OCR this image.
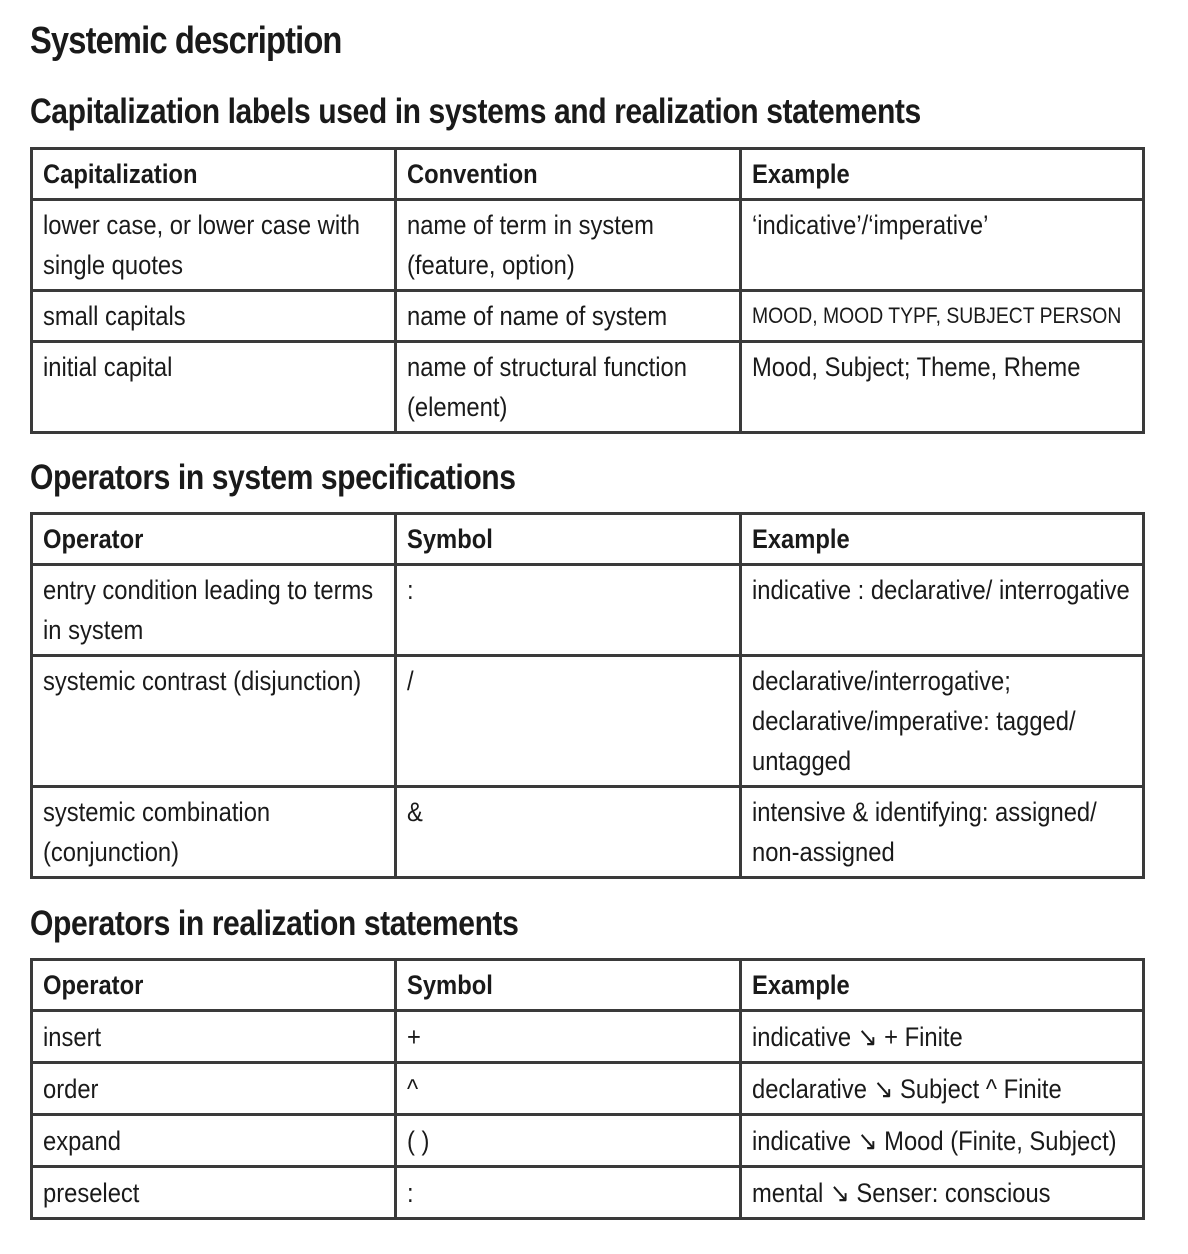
Systemic description
Capitalization labels used in systems and realization statements
Capitalization	Convention	Example

lower case, or lower case with single quotes	name of term in system (feature, option)	‘indicative’/‘imperative’

small capitals	name of name of system	MOOD, MOOD TYPF, SUBJECT PERSON

initial capital	name of structural function (element)	Mood, Subject; Theme, Rheme
Operators in system specifications
Operator	Symbol	Example

entry condition leading to terms in system	:	indicative : declarative/ interrogative

systemic contrast (disjunction)	/	declarative/interrogative; declarative/imperative: tagged/ untagged

systemic combination (conjunction)	&	intensive & identifying: assigned/ non-assigned
Operators in realization statements
Operator	Symbol	Example

insert	+	indicative ↘ + Finite

order	^	declarative ↘ Subject ^ Finite

expand	( )	indicative ↘ Mood (Finite, Subject)

preselect	:	mental ↘ Senser: conscious
